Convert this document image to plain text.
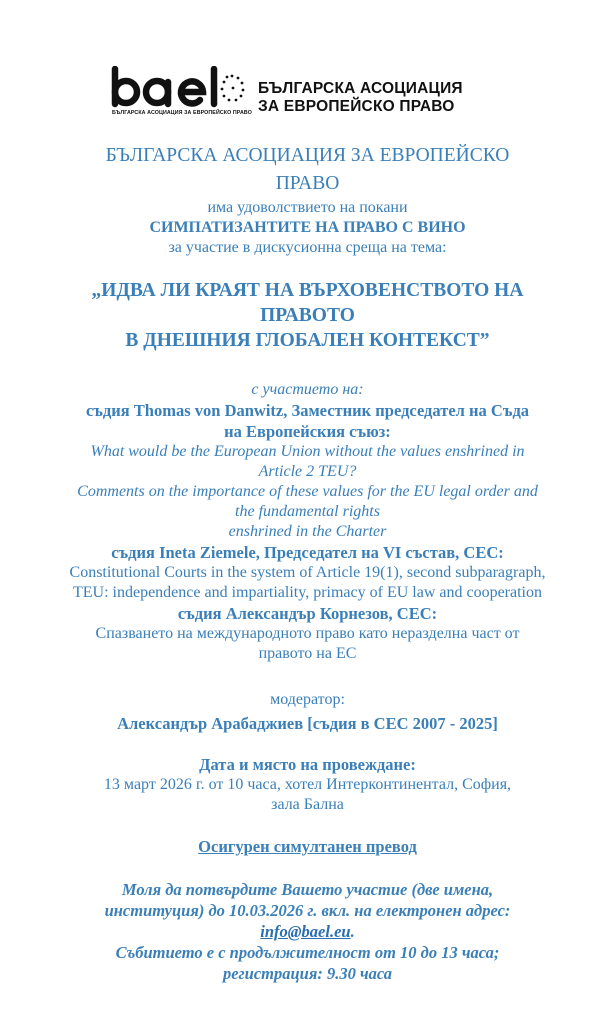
БЪЛГАРСКА АСОЦИАЦИЯ ЗА ЕВРОПЕЙСКО ПРАВО
БЪЛГАРСКА АСОЦИАЦИЯ
ЗА ЕВРОПЕЙСКО ПРАВО

БЪЛГАРСКА АСОЦИАЦИЯ ЗА ЕВРОПЕЙСКО

ПРАВО

има удоволствието на покани

СИМПАТИЗАНТИТЕ НА ПРАВО С ВИНО

за участие в дискусионна среща на тема:

„ИДВА ЛИ КРАЯТ НА ВЪРХОВЕНСТВОТО НА

ПРАВОТО

В ДНЕШНИЯ ГЛОБАЛЕН КОНТЕКСТ”

с участието на:

съдия Thomas von Danwitz, Заместник председател на Съда

на Европейския съюз:

What would be the European Union without the values enshrined in

Article 2 TEU?

Comments on the importance of these values for the EU legal order and

the fundamental rights

enshrined in the Charter

съдия Ineta Ziemele, Председател на VI състав, СЕС:

Constitutional Courts in the system of Article 19(1), second subparagraph,

TEU: independence and impartiality, primacy of EU law and cooperation

съдия Александър Корнезов, СЕС:

Спазването на международното право като неразделна част от

правото на ЕС

модератор:

Александър Арабаджиев [съдия в СЕС 2007 - 2025]

Дата и място на провеждане:

13 март 2026 г. от 10 часа, хотел Интерконтинентал, София,

зала Бална

Осигурен симултанен превод

Моля да потвърдите Вашето участие (две имена,

институция) до 10.03.2026 г. вкл. на електронен адрес:

info@bael.eu.

Събитието е с продължителност от 10 до 13 часа;

регистрация: 9.30 часа
